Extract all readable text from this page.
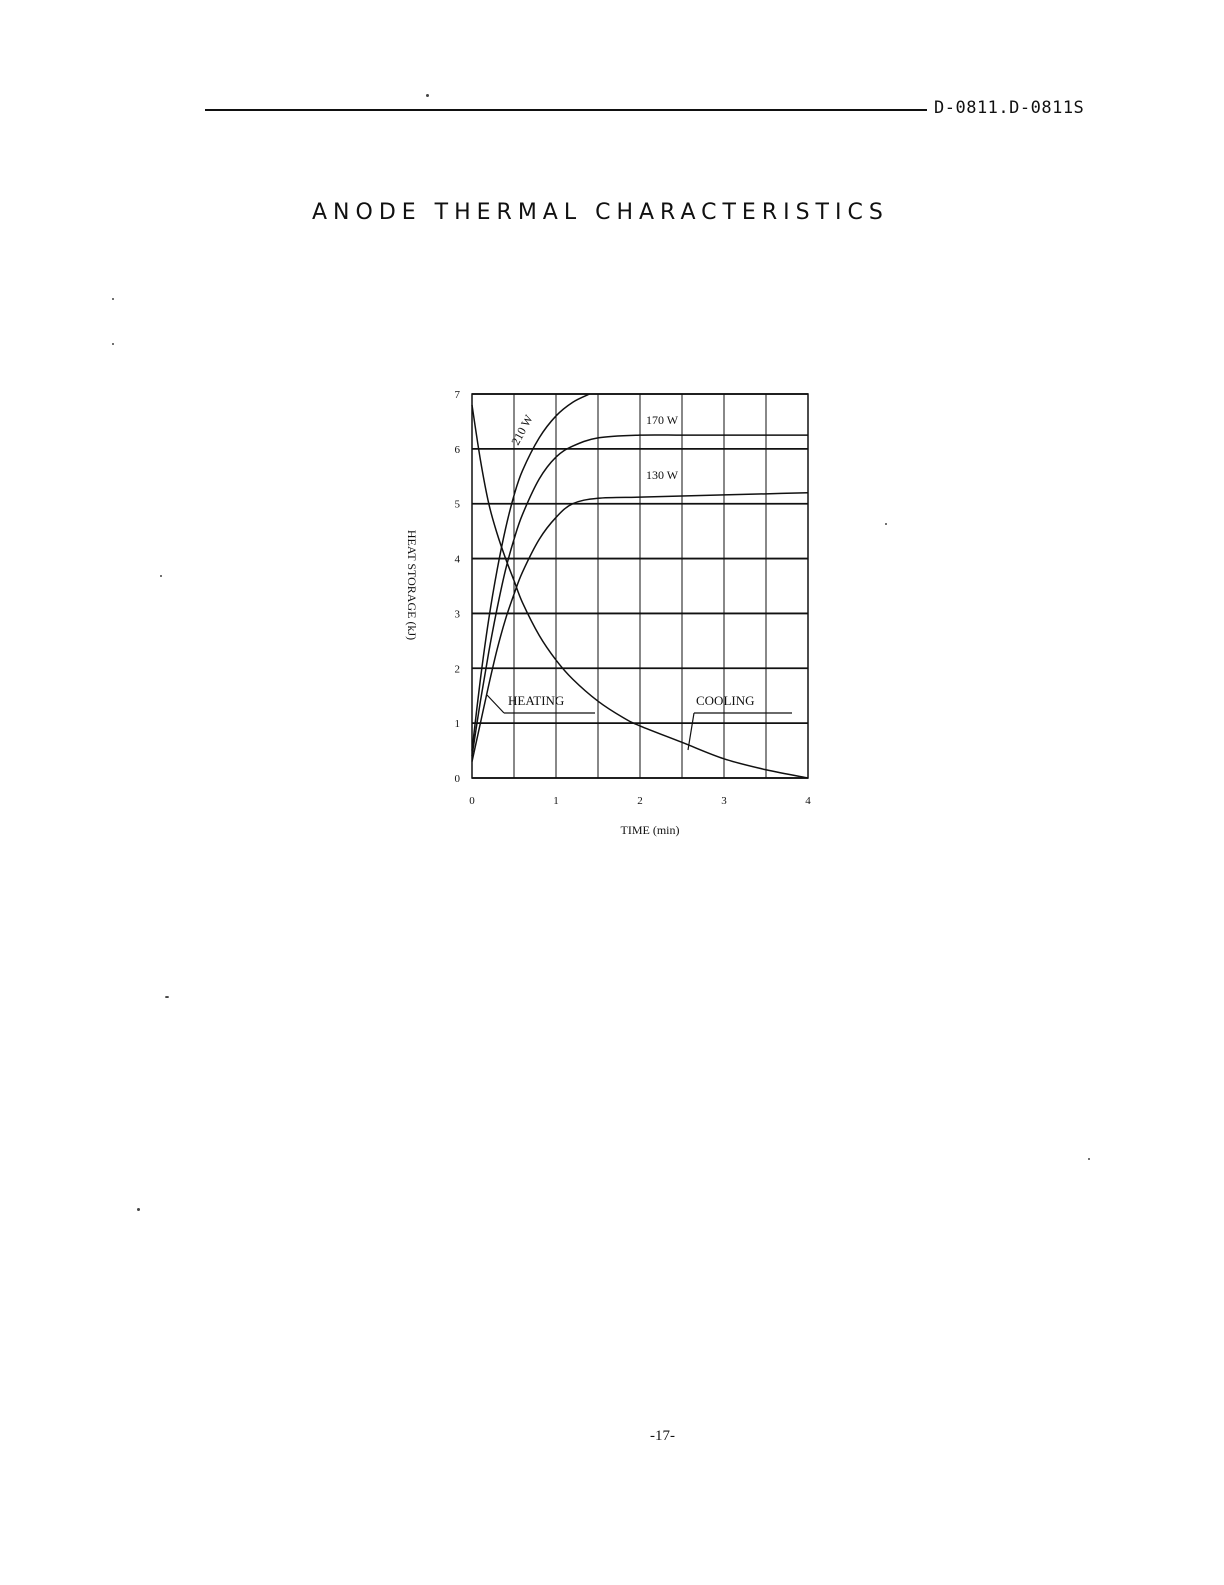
D-0811.D-0811S
ANODE THERMAL CHARACTERISTICS
0	1	2	3	4
0
1
2
3
4
5
6
7
TIME (min)
HEAT STORAGE (kJ)
210 W	170 W
130 W
HEATING	COOLING
-17-
